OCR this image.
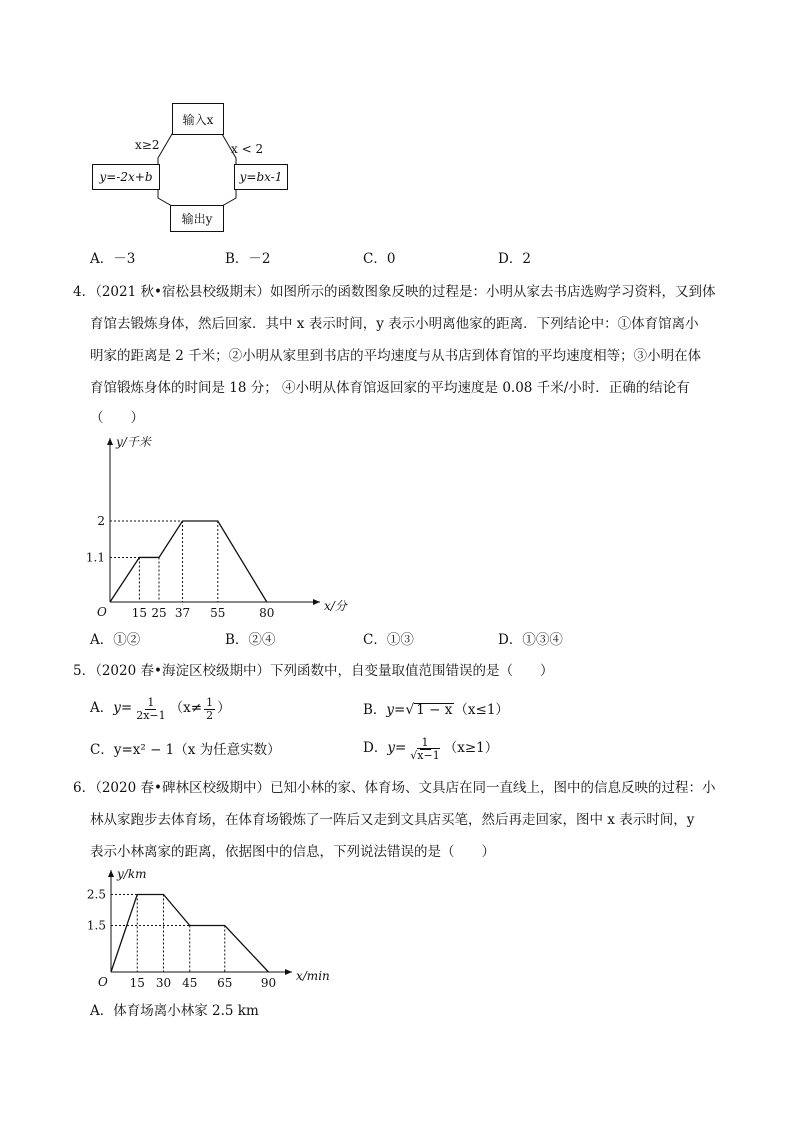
输入x
y=-2x+b	y=bx-1
输出y
x≥2	x < 2
A．－3	B．－2	C．0	D．2
4．（2021 秋•宿松县校级期末）如图所示的函数图象反映的过程是：小明从家去书店选购学习资料，又到体
育馆去锻炼身体，然后回家．其中 x 表示时间，y 表示小明离他家的距离．下列结论中：①体育馆离小
明家的距离是 2 千米；②小明从家里到书店的平均速度与从书店到体育馆的平均速度相等；③小明在体
育馆锻炼身体的时间是 18 分； ④小明从体育馆返回家的平均速度是 0.08 千米/小时．正确的结论有
（　　）
15 25 37 55	80
1.1
2
O	x/分
y/千米
A．①②	B．②④	C．①③	D．①③④
5．（2020 春•海淀区校级期中）下列函数中，自变量取值范围错误的是（　　）
A． $y= \frac{1}{2x-1} (x\ne \frac{1}{2}$ ）	B． y= √ 1 − x （x≤1）
C．y=x² − 1（x 为任意实数）	D． $y= \frac{1}{√x-1} (x\ge 1)$
6．（2020 春•碑林区校级期中）已知小林的家、体育场、文具店在同一直线上，图中的信息反映的过程：小
林从家跑步去体育场，在体育场锻炼了一阵后又走到文具店买笔，然后再走回家，图中 x 表示时间，y
表示小林离家的距离，依据图中的信息，下列说法错误的是（　　）
15 30 45 65 90
1.5
2.5
O	x/min
y/km
A．体育场离小林家 2.5 km
